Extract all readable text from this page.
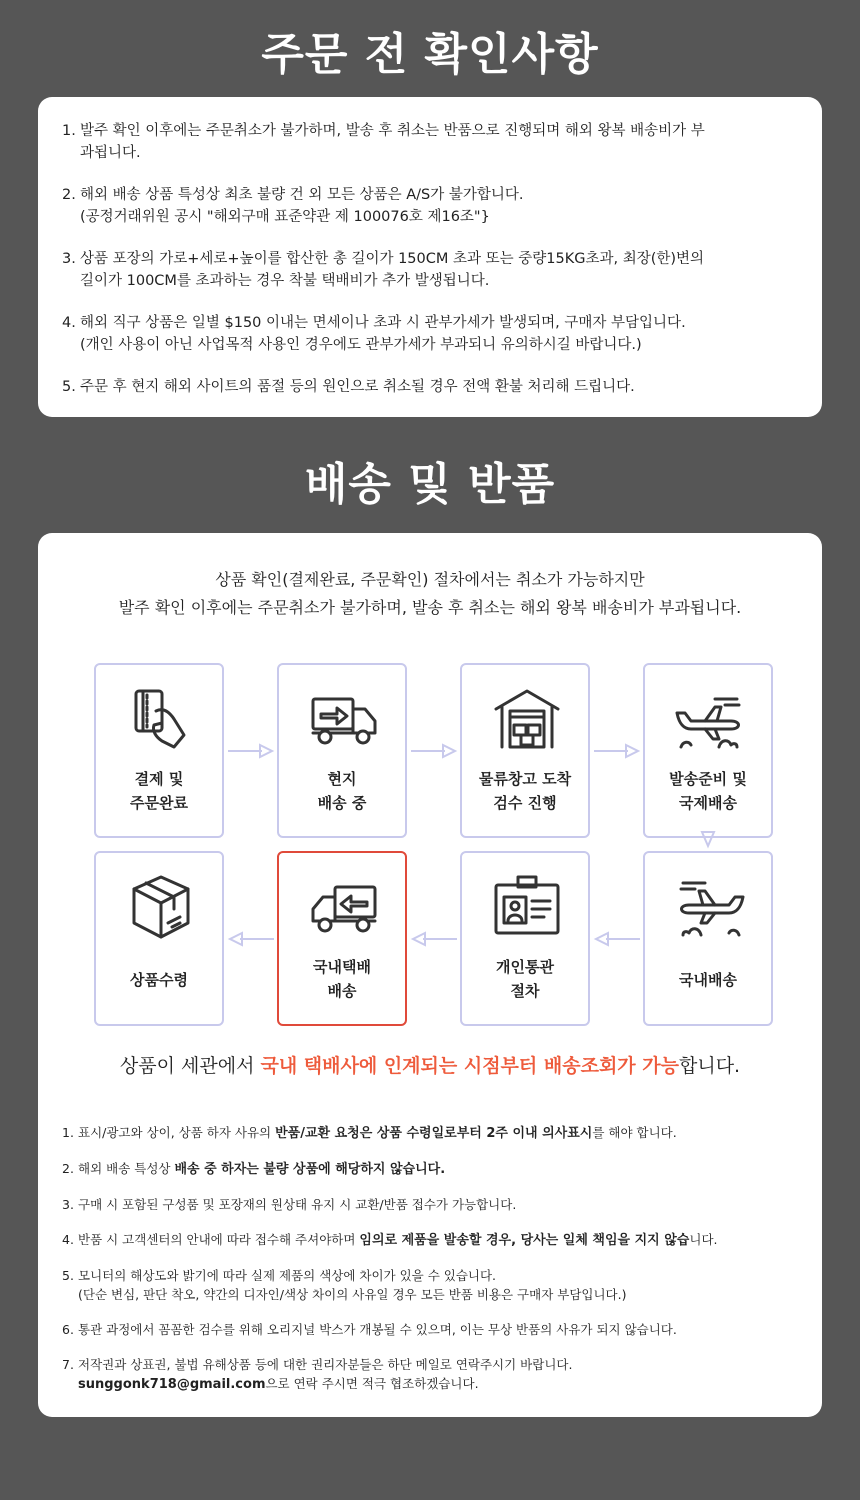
주문 전 확인사항
1. 발주 확인 이후에는 주문취소가 불가하며, 발송 후 취소는 반품으로 진행되며 해외 왕복 배송비가 부
과됩니다.
2. 해외 배송 상품 특성상 최초 불량 건 외 모든 상품은 A/S가 불가합니다.
(공정거래위원 공시 "해외구매 표준약관 제 100076호 제16조"}
3. 상품 포장의 가로+세로+높이를 합산한 총 길이가 150CM 초과 또는 중량15KG초과, 최장(한)변의
길이가 100CM를 초과하는 경우 착불 택배비가 추가 발생됩니다.
4. 해외 직구 상품은 일별 $150 이내는 면세이나 초과 시 관부가세가 발생되며, 구매자 부담입니다.
(개인 사용이 아닌 사업목적 사용인 경우에도 관부가세가 부과되니 유의하시길 바랍니다.)
5. 주문 후 현지 해외 사이트의 품절 등의 원인으로 취소될 경우 전액 환불 처리해 드립니다.
배송 및 반품
상품 확인(결제완료, 주문확인) 절차에서는 취소가 가능하지만
발주 확인 이후에는 주문취소가 불가하며, 발송 후 취소는 해외 왕복 배송비가 부과됩니다.
결제 및
주문완료
현지
배송 중
물류창고 도착
검수 진행
발송준비 및
국제배송
국내배송
개인통관
절차
국내택배
배송
상품수령
상품이 세관에서 국내 택배사에 인계되는 시점부터 배송조회가 가능합니다.
1. 표시/광고와 상이, 상품 하자 사유의 반품/교환 요청은 상품 수령일로부터 2주 이내 의사표시를 해야 합니다.
2. 해외 배송 특성상 배송 중 하자는 불량 상품에 해당하지 않습니다.
3. 구매 시 포함된 구성품 및 포장재의 원상태 유지 시 교환/반품 접수가 가능합니다.
4. 반품 시 고객센터의 안내에 따라 접수해 주셔야하며 임의로 제품을 발송할 경우, 당사는 일체 책임을 지지 않습니다.
5. 모니터의 해상도와 밝기에 따라 실제 제품의 색상에 차이가 있을 수 있습니다.
(단순 변심, 판단 착오, 약간의 디자인/색상 차이의 사유일 경우 모든 반품 비용은 구매자 부담입니다.)
6. 통관 과정에서 꼼꼼한 검수를 위해 오리지널 박스가 개봉될 수 있으며, 이는 무상 반품의 사유가 되지 않습니다.
7. 저작권과 상표권, 불법 유해상품 등에 대한 권리자분들은 하단 메일로 연락주시기 바랍니다.
sunggonk718@gmail.com으로 연락 주시면 적극 협조하겠습니다.
